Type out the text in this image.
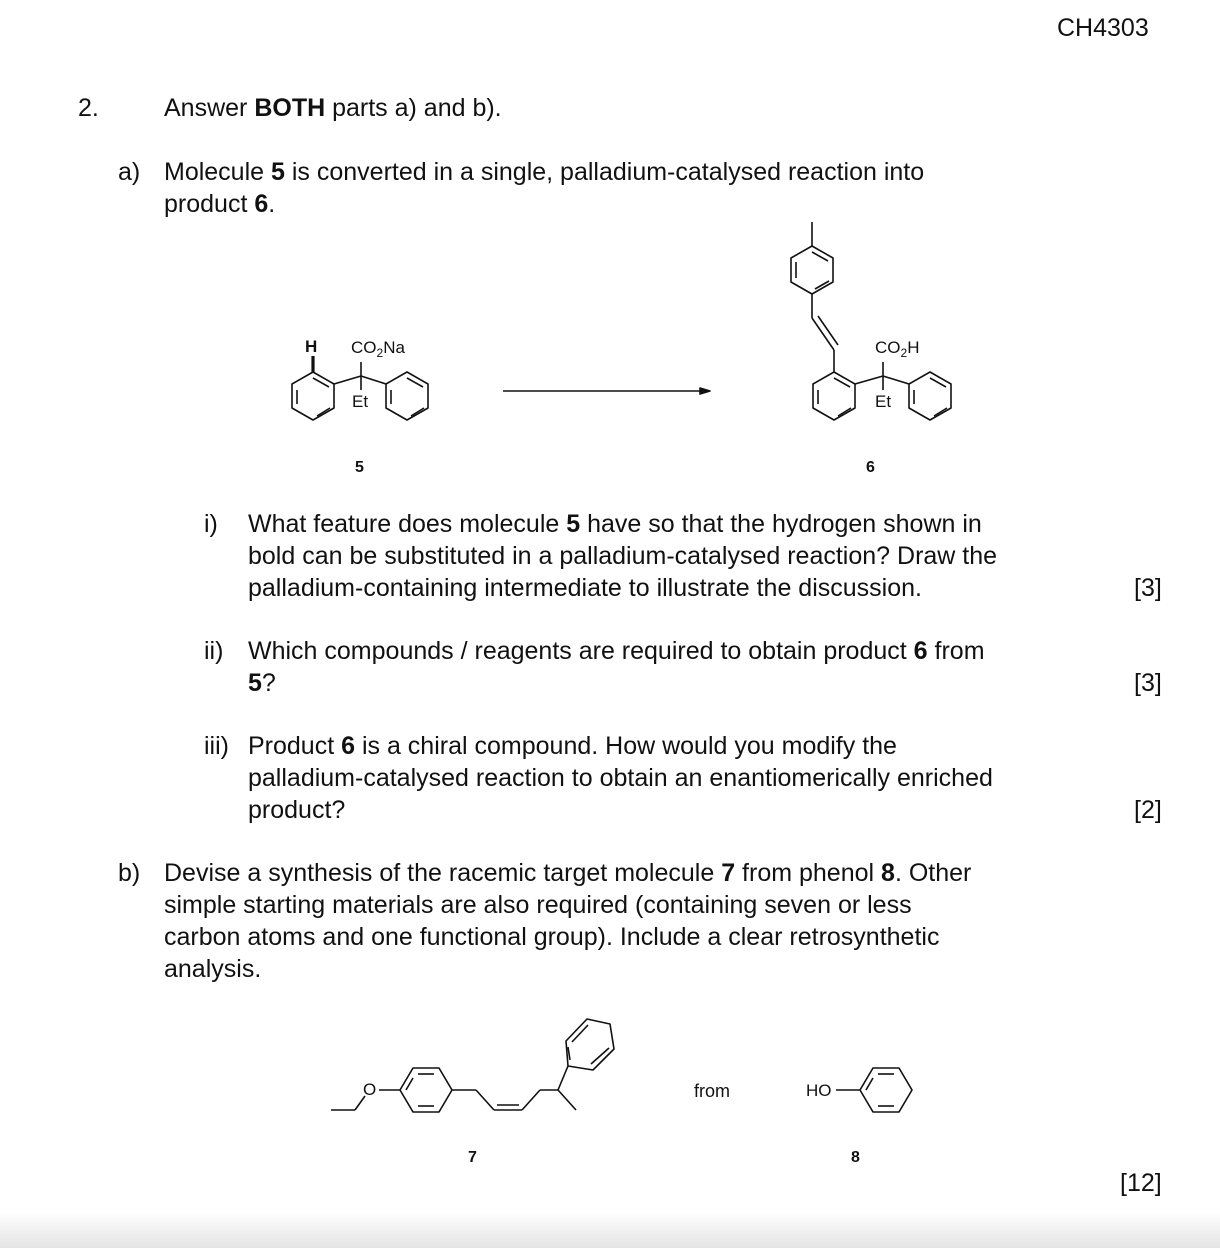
CH4303
2.	Answer BOTH parts a) and b).
a) Molecule 5 is converted in a single, palladium-catalysed reaction into
product 6.
H $CO_2Na$
Et
5
$CO_2H$
Et
6
i) What feature does molecule 5 have so that the hydrogen shown in
bold can be substituted in a palladium-catalysed reaction? Draw the
palladium-containing intermediate to illustrate the discussion.	[3]
ii) Which compounds / reagents are required to obtain product 6 from
5?	[3]
iii) Product 6 is a chiral compound. How would you modify the
palladium-catalysed reaction to obtain an enantiomerically enriched
product?	[2]
b) Devise a synthesis of the racemic target molecule 7 from phenol 8. Other
simple starting materials are also required (containing seven or less
carbon atoms and one functional group). Include a clear retrosynthetic
analysis.
O
7
from	HO
8
[12]
